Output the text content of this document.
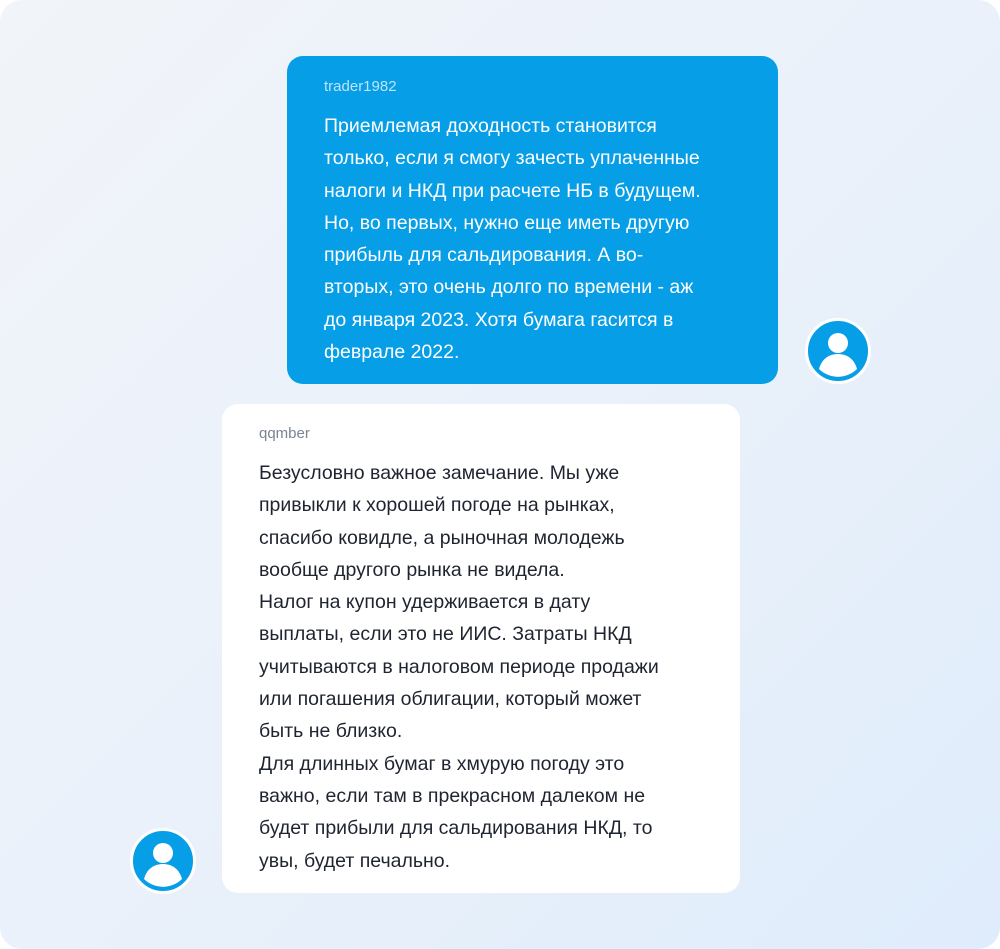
trader1982

Приемлемая доходность становится
только, если я смогу зачесть уплаченные
налоги и НКД при расчете НБ в будущем.
Но, во первых, нужно еще иметь другую
прибыль для сальдирования. А во-
вторых, это очень долго по времени - аж
до января 2023. Хотя бумага гасится в
феврале 2022.

qqmber

Безусловно важное замечание. Мы уже
привыкли к хорошей погоде на рынках,
спасибо ковидле, а рыночная молодежь
вообще другого рынка не видела.
Налог на купон удерживается в дату
выплаты, если это не ИИС. Затраты НКД
учитываются в налоговом периоде продажи
или погашения облигации, который может
быть не близко.
Для длинных бумаг в хмурую погоду это
важно, если там в прекрасном далеком не
будет прибыли для сальдирования НКД, то
увы, будет печально.
